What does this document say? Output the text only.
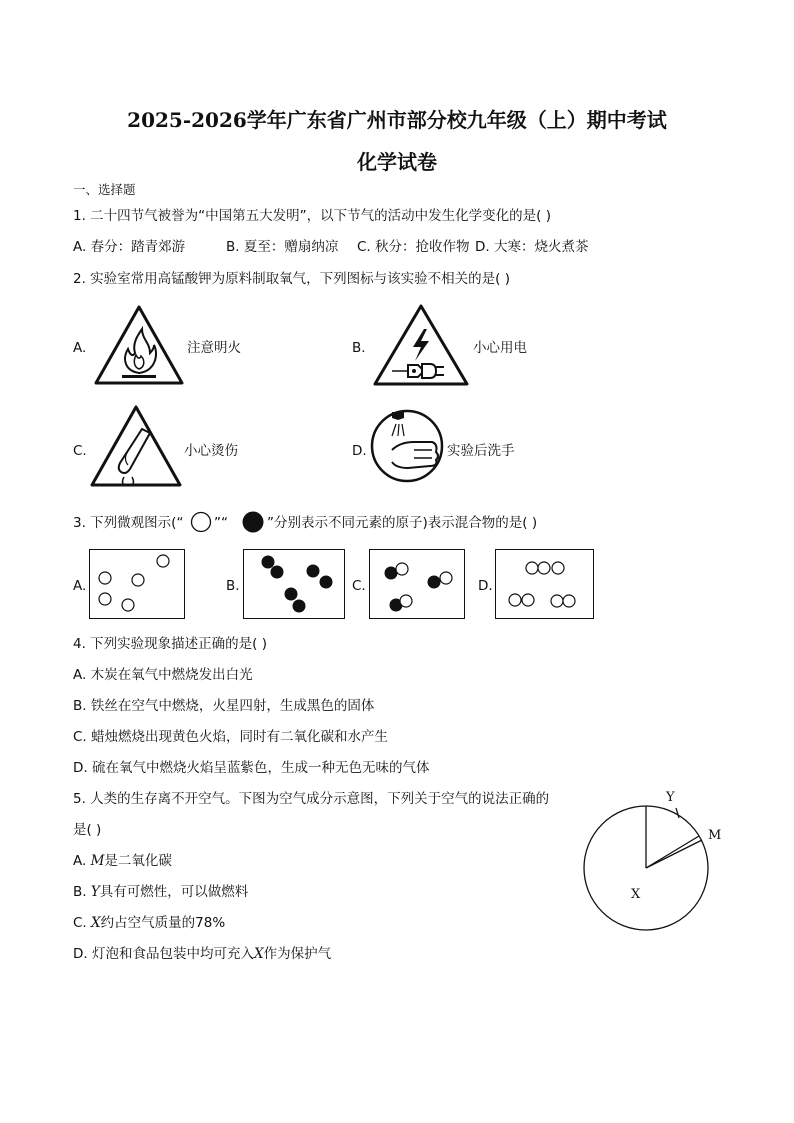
2025-2026学年广东省广州市部分校九年级（上）期中考试
化学试卷
一、选择题
1. 二十四节气被誉为“中国第五大发明”，以下节气的活动中发生化学变化的是( )
A. 春分：踏青郊游	B. 夏至：赠扇纳凉 C. 秋分：抢收作物 D. 大寒：烧火煮茶
2. 实验室常用高锰酸钾为原料制取氧气，下列图标与该实验不相关的是( )
A.	注意明火	B.	小心用电
C.	小心烫伤	D.	实验后洗手
3. 下列微观图示(“ ”“	”分别表示不同元素的原子)表示混合物的是( )
A.	B.	C.	D.
4. 下列实验现象描述正确的是( )
A. 木炭在氧气中燃烧发出白光
B. 铁丝在空气中燃烧，火星四射，生成黑色的固体
C. 蜡烛燃烧出现黄色火焰，同时有二氧化碳和水产生
D. 硫在氧气中燃烧火焰呈蓝紫色，生成一种无色无味的气体
5. 人类的生存离不开空气。下图为空气成分示意图，下列关于空气的说法正确的
是( )
A. M是二氧化碳
B. Y具有可燃性，可以做燃料
C. X约占空气质量的78%
D. 灯泡和食品包装中均可充入X作为保护气
Y
M
X
